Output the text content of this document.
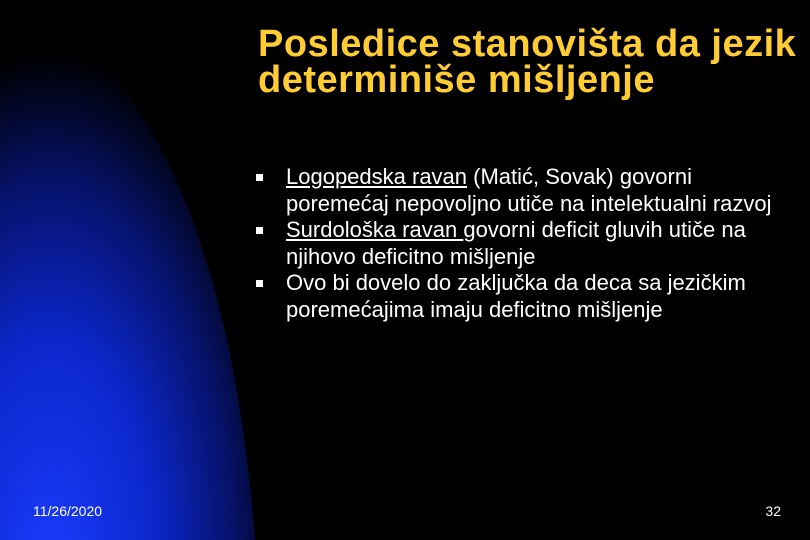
Posledice stanovišta da jezik determiniše mišljenje
Logopedska ravan (Matić, Sovak) govorni poremećaj nepovoljno utiče na intelektualni razvoj
Surdološka ravan govorni deficit gluvih utiče na njihovo deficitno mišljenje
Ovo bi dovelo do zaključka da deca sa jezičkim poremećajima imaju deficitno mišljenje
11/26/2020	32
